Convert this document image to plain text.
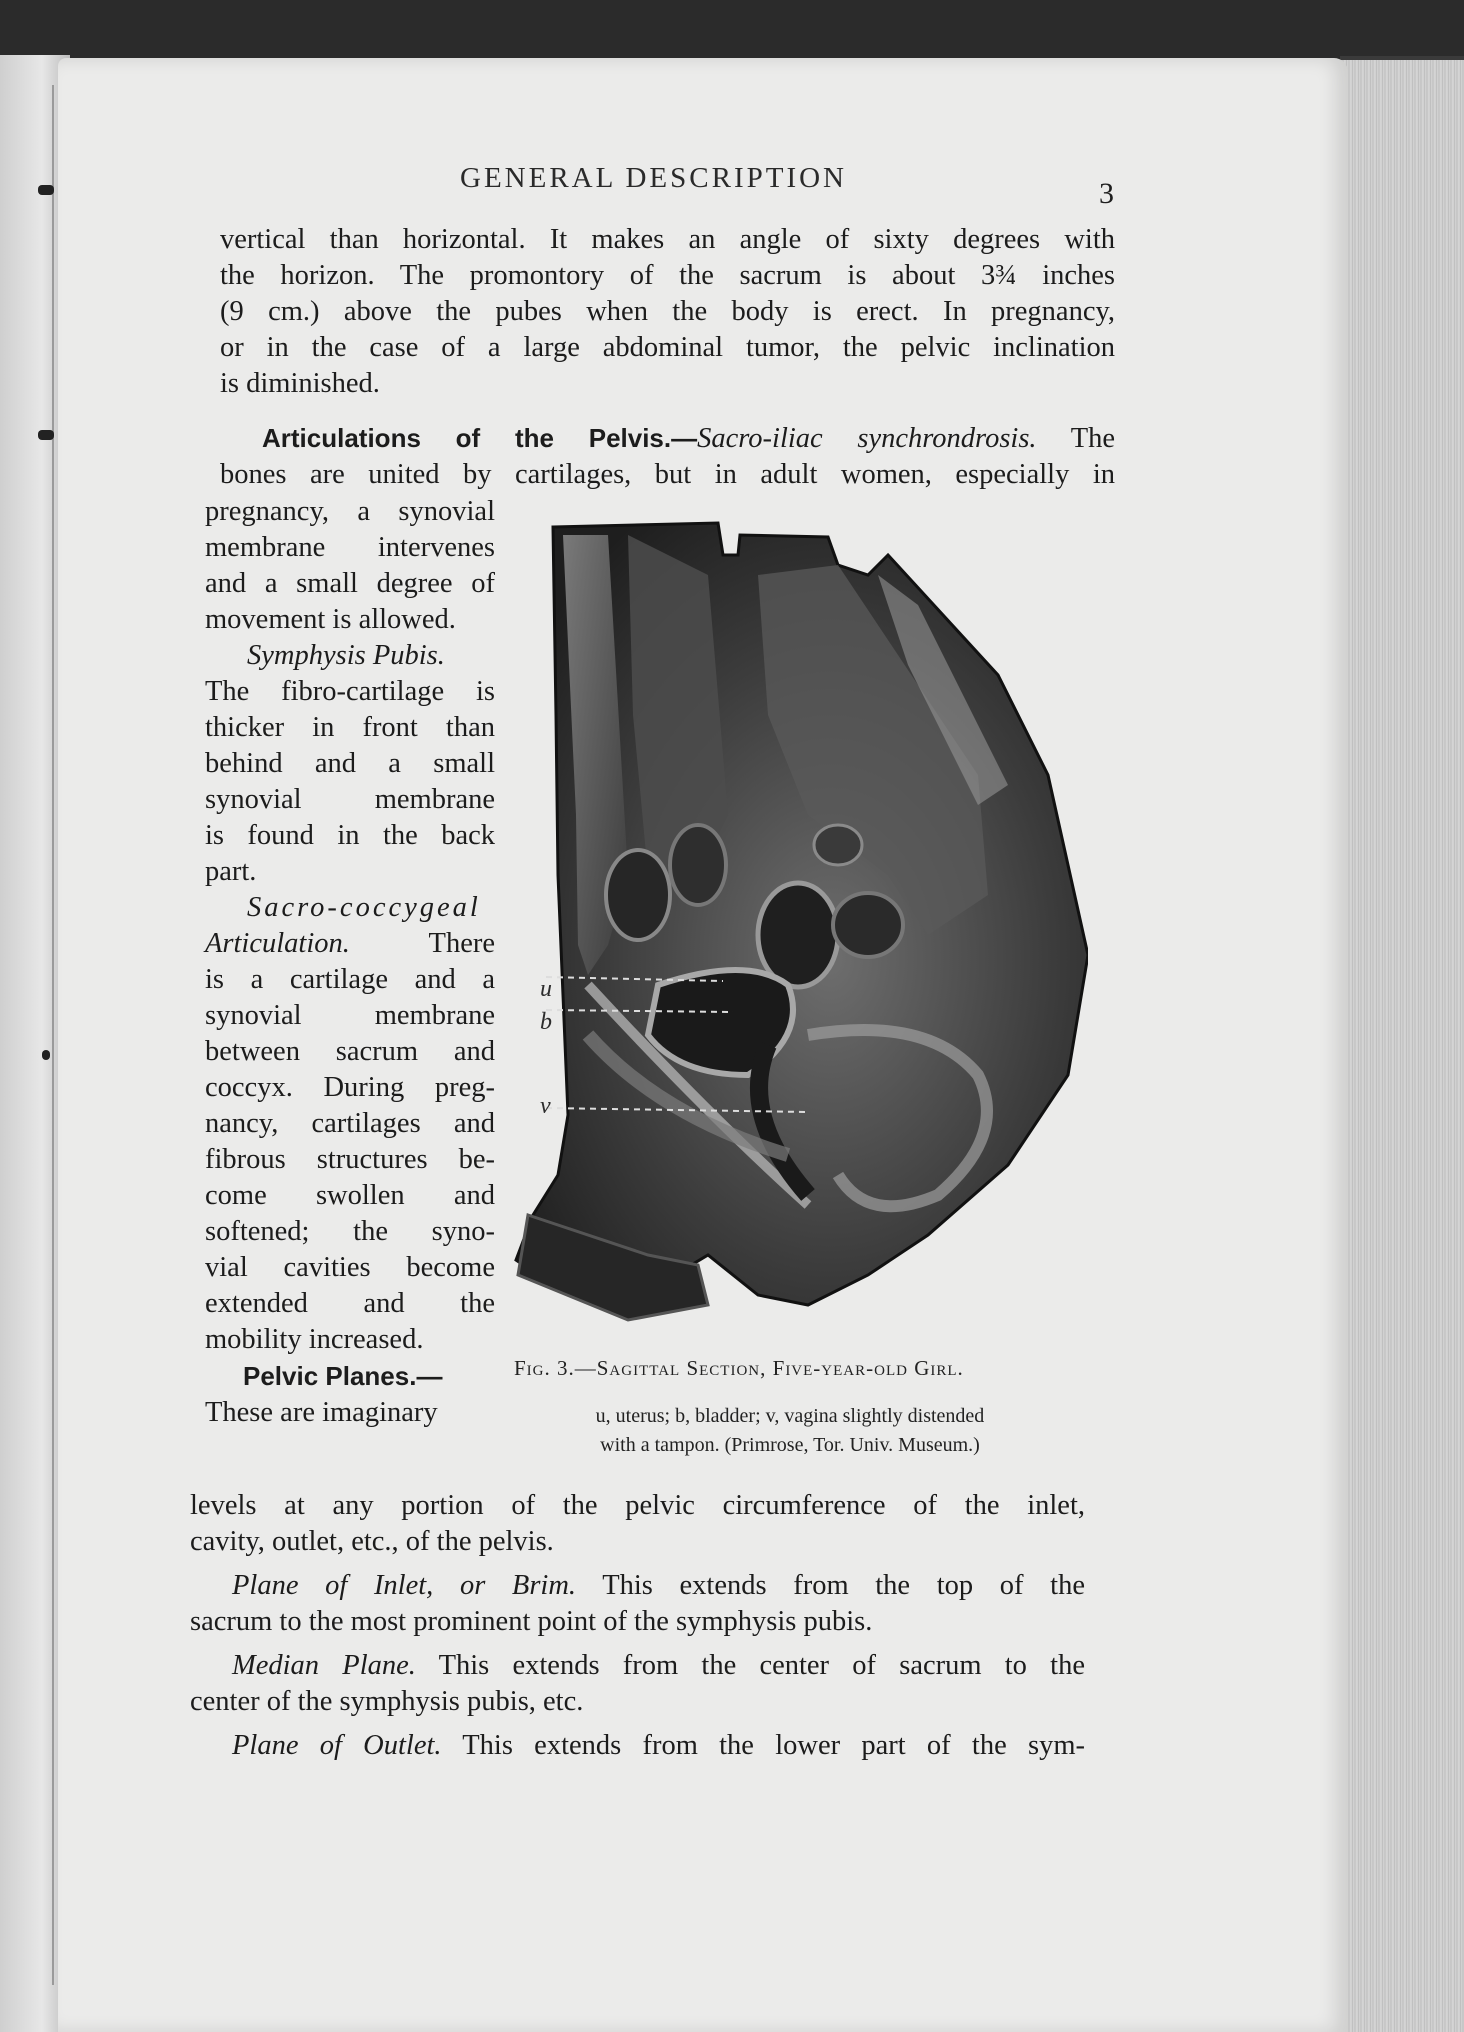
GENERAL DESCRIPTION	3
vertical than horizontal. It makes an angle of sixty degrees with
the horizon. The promontory of the sacrum is about 3¾ inches
(9 cm.) above the pubes when the body is erect. In pregnancy,
or in the case of a large abdominal tumor, the pelvic inclination
is diminished.
Articulations of the Pelvis.—Sacro-iliac synchrondrosis. The
bones are united by cartilages, but in adult women, especially in
pregnancy, a synovial
membrane intervenes
and a small degree of
movement is allowed.
Symphysis Pubis.
The fibro-cartilage is
thicker in front than
behind and a small
synovial membrane
is found in the back
part.
Sacro-coccygeal
Articulation. There
is a cartilage and a
synovial membrane
between sacrum and
coccyx. During preg-
nancy, cartilages and
fibrous structures be-
come swollen and
softened; the syno-
vial cavities become
extended and the
mobility increased.
Pelvic Planes.—
These are imaginary
u
b
v
Fig. 3.—Sagittal Section, Five-year-old Girl.
u, uterus; b, bladder; v, vagina slightly distended
with a tampon. (Primrose, Tor. Univ. Museum.)
levels at any portion of the pelvic circumference of the inlet,
cavity, outlet, etc., of the pelvis.
Plane of Inlet, or Brim. This extends from the top of the
sacrum to the most prominent point of the symphysis pubis.
Median Plane. This extends from the center of sacrum to the
center of the symphysis pubis, etc.
Plane of Outlet. This extends from the lower part of the sym-
